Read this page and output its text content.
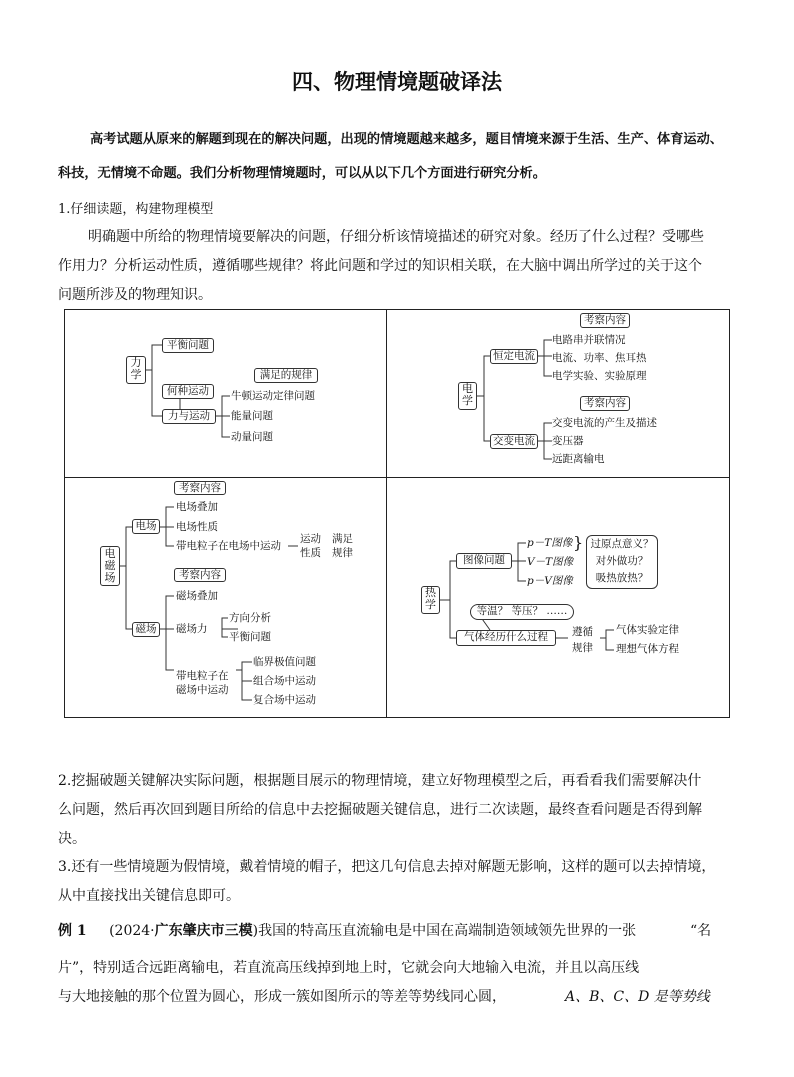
四、物理情境题破译法
高考试题从原来的解题到现在的解决问题，出现的情境题越来越多，题目情境来源于生活、生产、体育运动、
科技，无情境不命题。我们分析物理情境题时，可以从以下几个方面进行研究分析。
1.仔细读题，构建物理模型
明确题中所给的物理情境要解决的问题，仔细分析该情境描述的研究对象。经历了什么过程？受哪些
作用力？分析运动性质，遵循哪些规律？将此问题和学过的知识相关联，在大脑中调出所学过的关于这个
问题所涉及的物理知识。
力学
平衡问题
何种运动
力与运动
满足的规律
牛顿运动定律问题
能量问题
动量问题
电学
恒定电流
交变电流
考察内容
考察内容
电路串并联情况
电流、功率、焦耳热
电学实验、实验原理
交变电流的产生及描述
变压器
远距离输电
电磁场
电场
磁场
考察内容
考察内容
电场叠加
电场性质
带电粒子在电场中运动
运动
性质
满足
规律
磁场叠加
磁场力
方向分析
平衡问题
带电粒子在
磁场中运动
临界极值问题
组合场中运动
复合场中运动
热学
图像问题
p－T图像
V－T图像
p－V图像
} 过原点意义？
对外做功？
吸热放热？
等温？ 等压？ ……
气体经历什么过程	遵循
规律
气体实验定律
理想气体方程
2.挖掘破题关键解决实际问题，根据题目展示的物理情境，建立好物理模型之后，再看看我们需要解决什
么问题，然后再次回到题目所给的信息中去挖掘破题关键信息，进行二次读题，最终查看问题是否得到解
决。
3.还有一些情境题为假情境，戴着情境的帽子，把这几句信息去掉对解题无影响，这样的题可以去掉情境，
从中直接找出关键信息即可。
例 1 (2024·广东肇庆市三模)我国的特高压直流输电是中国在高端制造领域领先世界的一张	“名
片”，特别适合远距离输电，若直流高压线掉到地上时，它就会向大地输入电流，并且以高压线
与大地接触的那个位置为圆心，形成一簇如图所示的等差等势线同心圆，	A、B、C、D 是等势线
